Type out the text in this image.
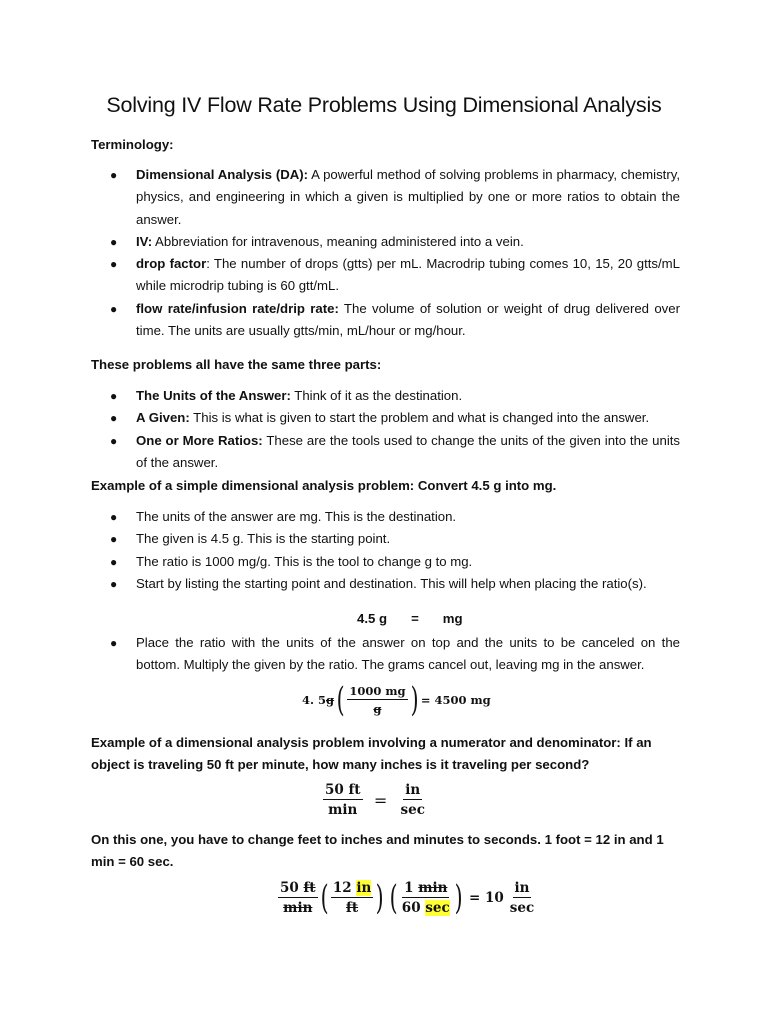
Solving IV Flow Rate Problems Using Dimensional Analysis
Terminology:
● Dimensional Analysis (DA): A powerful method of solving problems in pharmacy, chemistry, physics, and engineering in which a given is multiplied by one or more ratios to obtain the answer.
● IV: Abbreviation for intravenous, meaning administered into a vein.
● drop factor: The number of drops (gtts) per mL. Macrodrip tubing comes 10, 15, 20 gtts/mL while microdrip tubing is 60 gtt/mL.
● flow rate/infusion rate/drip rate: The volume of solution or weight of drug delivered over time. The units are usually gtts/min, mL/hour or mg/hour.
These problems all have the same three parts:
● The Units of the Answer: Think of it as the destination.
● A Given: This is what is given to start the problem and what is changed into the answer.
● One or More Ratios: These are the tools used to change the units of the given into the units of the answer.
Example of a simple dimensional analysis problem: Convert 4.5 g into mg.
● The units of the answer are mg. This is the destination.
● The given is 4.5 g. This is the starting point.
● The ratio is 1000 mg/g. This is the tool to change g to mg.
● Start by listing the starting point and destination. This will help when placing the ratio(s).
4.5 g = mg
● Place the ratio with the units of the answer on top and the units to be canceled on the bottom. Multiply the given by the ratio. The grams cancel out, leaving mg in the answer.
4. 5 g ( $\frac{1000 mg}{g}$ ) = 4500 mg
Example of a dimensional analysis problem involving a numerator and denominator: If an object is traveling 50 ft per minute, how many inches is it traveling per second?
$\frac{50 ft}{\min} = \frac{in}{\sec}$
On this one, you have to change feet to inches and minutes to seconds. 1 foot = 12 in and 1 min = 60 sec.
$\frac{50 ft}{\min}$ ( $\frac{12 in}{ft}$ ) ( $\frac{1 \min}{60 \sec}$ ) = $10 \frac{in}{\sec}$
